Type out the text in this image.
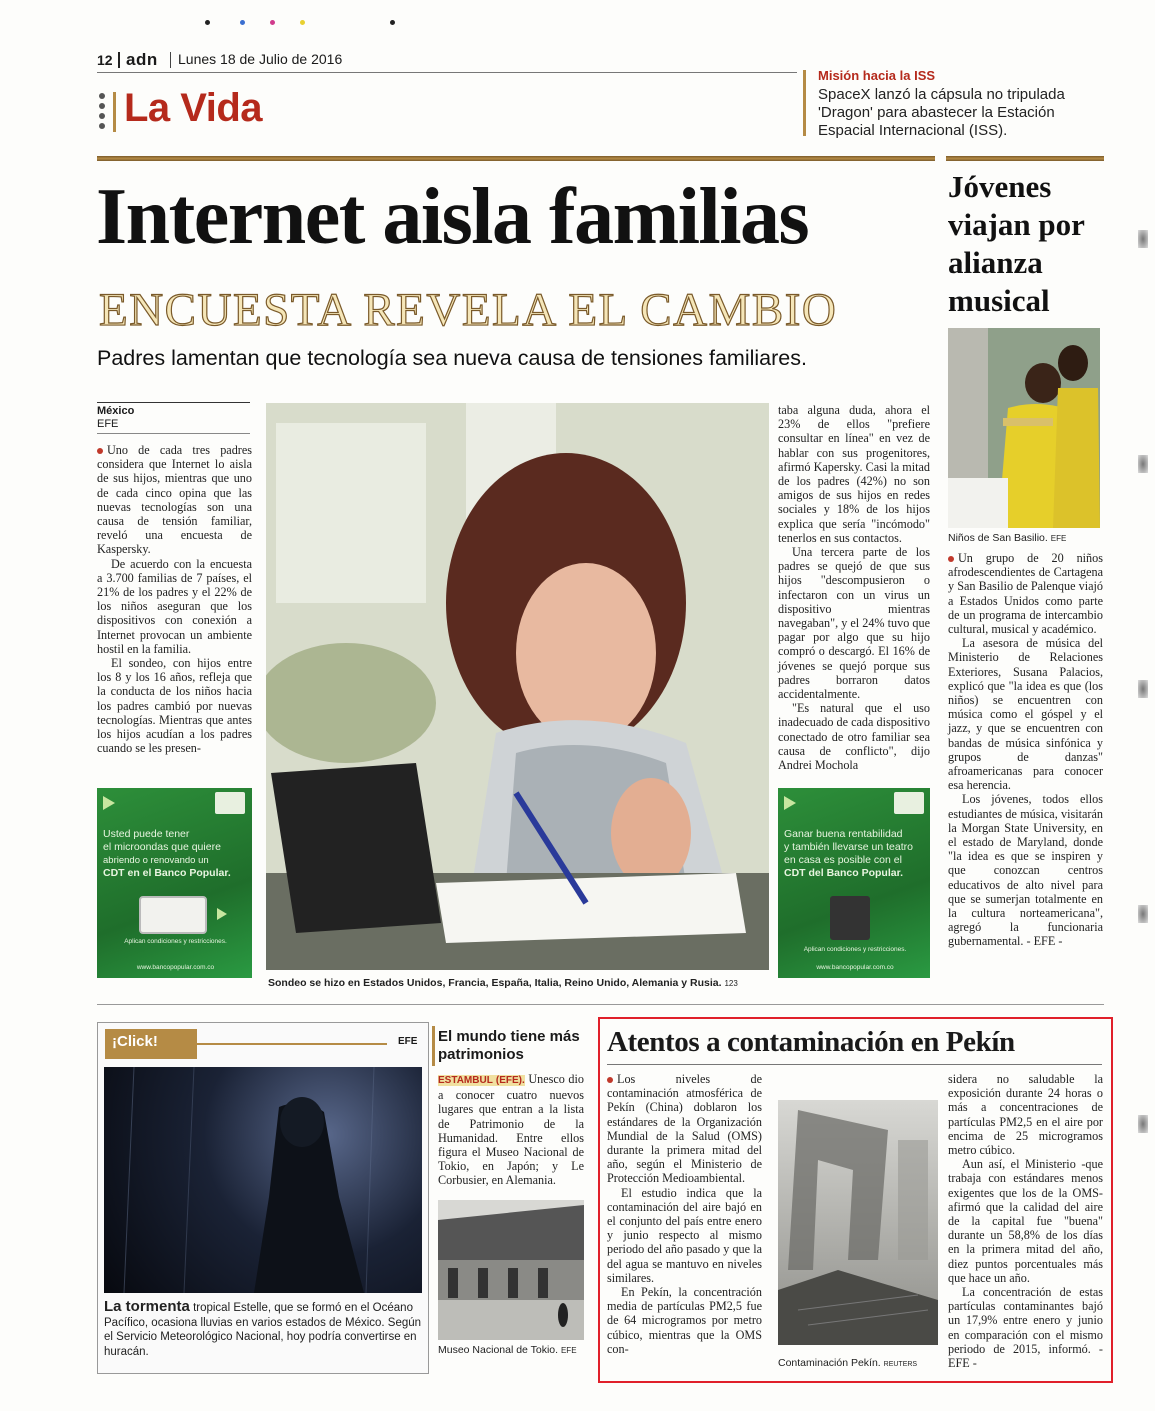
12 adn Lunes 18 de Julio de 2016
La Vida
Misión hacia la ISS
SpaceX lanzó la cápsula no tripulada 'Dragon' para abastecer la Estación Espacial Internacional (ISS).
Internet aisla familias
ENCUESTA REVELA EL CAMBIO
Padres lamentan que tecnología sea nueva causa de tensiones familiares.
México
EFE

Uno de cada tres padres considera que Internet lo aisla de sus hijos, mientras que uno de cada cinco opina que las nuevas tecnologías son una causa de tensión familiar, reveló una encuesta de Kaspersky.

De acuerdo con la encuesta a 3.700 familias de 7 países, el 21% de los padres y el 22% de los niños aseguran que los dispositivos con conexión a Internet provocan un ambiente hostil en la familia.

El sondeo, con hijos entre los 8 y los 16 años, refleja que la conducta de los niños hacia los padres cambió por nuevas tecnologías. Mientras que antes los hijos acudían a los padres cuando se les presen-

Sondeo se hizo en Estados Unidos, Francia, España, Italia, Reino Unido, Alemania y Rusia. 123

taba alguna duda, ahora el 23% de ellos "prefiere consultar en línea" en vez de hablar con sus progenitores, afirmó Kapersky. Casi la mitad de los padres (42%) no son amigos de sus hijos en redes sociales y 18% de los hijos explica que sería "incómodo" tenerlos en sus contactos.

Una tercera parte de los padres se quejó de que sus hijos "descompusieron o infectaron con un virus un dispositivo mientras navegaban", y el 24% tuvo que pagar por algo que su hijo compró o descargó. El 16% de jóvenes se quejó porque sus padres borraron datos accidentalmente.

"Es natural que el uso inadecuado de cada dispositivo conectado de otro familiar sea causa de conflicto", dijo Andrei Mochola

Usted puede tener
el microondas que quiere
abriendo o renovando un
CDT en el Banco Popular.
Aplican condiciones y restricciones.
www.bancopopular.com.co
Ganar buena rentabilidad
y también llevarse un teatro
en casa es posible con el
CDT del Banco Popular.
Aplican condiciones y restricciones.
www.bancopopular.com.co
Jóvenes viajan por alianza musical
Niños de San Basilio. EFE

Un grupo de 20 niños afrodescendientes de Cartagena y San Basilio de Palenque viajó a Estados Unidos como parte de un programa de intercambio cultural, musical y académico.

La asesora de música del Ministerio de Relaciones Exteriores, Susana Palacios, explicó que "la idea es que (los niños) se encuentren con música como el góspel y el jazz, y que se encuentren con bandas de música sinfónica y grupos de danzas" afroamericanas para conocer esa herencia.

Los jóvenes, todos ellos estudiantes de música, visitarán la Morgan State University, en el estado de Maryland, donde "la idea es que se inspiren y que conozcan centros educativos de alto nivel para que se sumerjan totalmente en la cultura norteamericana", agregó la funcionaria gubernamental. - EFE -

¡Click!	EFE
La tormenta tropical Estelle, que se formó en el Océano Pacífico, ocasiona lluvias en varios estados de México. Según el Servicio Meteorológico Nacional, hoy podría convertirse en huracán.
El mundo tiene más patrimonios

ESTAMBUL (EFE). Unesco dio a conocer cuatro nuevos lugares que entran a la lista de Patrimonio de la Humanidad. Entre ellos figura el Museo Nacional de Tokio, en Japón; y Le Corbusier, en Alemania.

Museo Nacional de Tokio. EFE
Atentos a contaminación en Pekín

Los niveles de contaminación atmosférica de Pekín (China) doblaron los estándares de la Organización Mundial de la Salud (OMS) durante la primera mitad del año, según el Ministerio de Protección Medioambiental.

El estudio indica que la contaminación del aire bajó en el conjunto del país entre enero y junio respecto al mismo periodo del año pasado y que la del agua se mantuvo en niveles similares.

En Pekín, la concentración media de partículas PM2,5 fue de 64 microgramos por metro cúbico, mientras que la OMS con-

Contaminación Pekín. REUTERS

sidera no saludable la exposición durante 24 horas o más a concentraciones de partículas PM2,5 en el aire por encima de 25 microgramos metro cúbico.

Aun así, el Ministerio -que trabaja con estándares menos exigentes que los de la OMS- afirmó que la calidad del aire de la capital fue "buena" durante un 58,8% de los días en la primera mitad del año, diez puntos porcentuales más que hace un año.

La concentración de estas partículas contaminantes bajó un 17,9% entre enero y junio en comparación con el mismo periodo de 2015, informó. - EFE -
